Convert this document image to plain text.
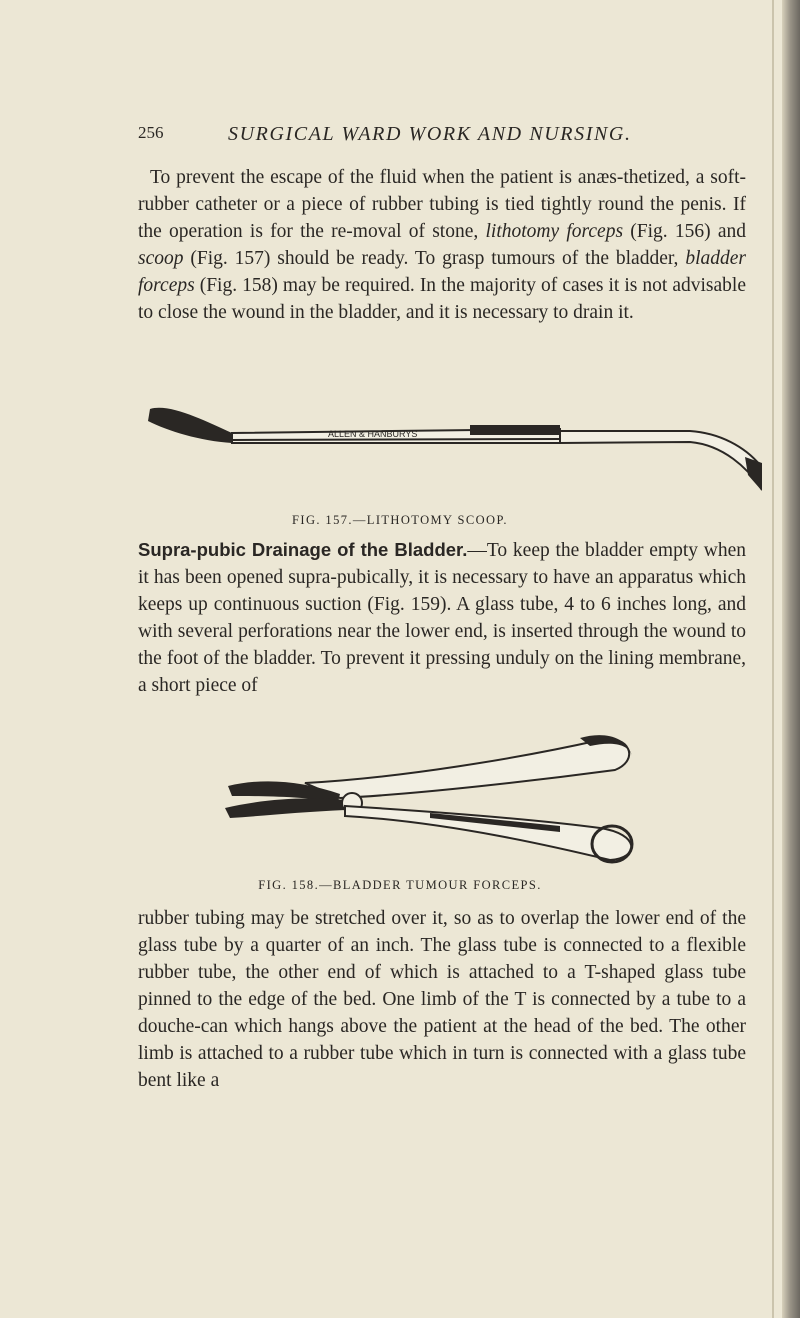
256	SURGICAL WARD WORK AND NURSING.

To prevent the escape of the fluid when the patient is anæs-thetized, a soft-rubber catheter or a piece of rubber tubing is tied tightly round the penis. If the operation is for the re-moval of stone, lithotomy forceps (Fig. 156) and scoop (Fig. 157) should be ready. To grasp tumours of the bladder, bladder forceps (Fig. 158) may be required. In the majority of cases it is not advisable to close the wound in the bladder, and it is necessary to drain it.

ALLEN & HANBURYS
FIG. 157.—LITHOTOMY SCOOP.

Supra-pubic Drainage of the Bladder.—To keep the bladder empty when it has been opened supra-pubically, it is necessary to have an apparatus which keeps up continuous suction (Fig. 159). A glass tube, 4 to 6 inches long, and with several perforations near the lower end, is inserted through the wound to the foot of the bladder. To prevent it pressing unduly on the lining membrane, a short piece of

FIG. 158.—BLADDER TUMOUR FORCEPS.

rubber tubing may be stretched over it, so as to overlap the lower end of the glass tube by a quarter of an inch. The glass tube is connected to a flexible rubber tube, the other end of which is attached to a T-shaped glass tube pinned to the edge of the bed. One limb of the T is connected by a tube to a douche-can which hangs above the patient at the head of the bed. The other limb is attached to a rubber tube which in turn is connected with a glass tube bent like a
